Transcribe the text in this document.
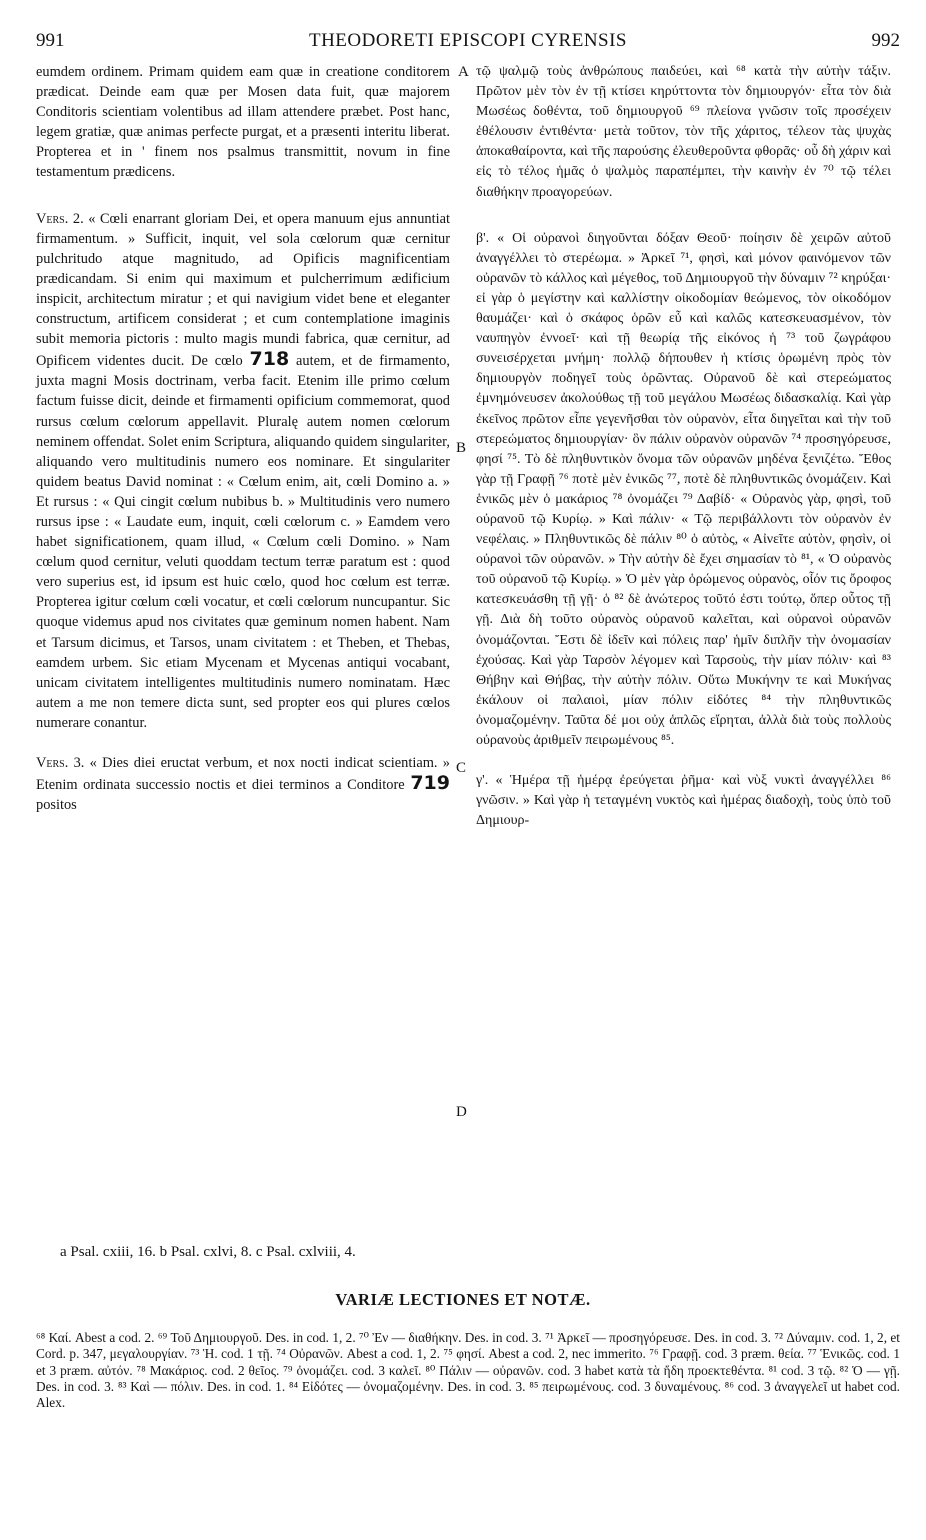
991	THEODORETI EPISCOPI CYRENSIS	992

eumdem ordinem. Primam quidem eam quæ in creatione conditorem prædicat. Deinde eam quæ per Mosen data fuit, quæ majorem Conditoris scientiam volentibus ad illam attendere præbet. Post hanc, legem gratiæ, quæ animas perfecte purgat, et a præsenti interitu liberat. Propterea et in ' finem nos psalmus transmittit, novum in fine testamentum prædicens.

Vers. 2. « Cœli enarrant gloriam Dei, et opera manuum ejus annuntiat firmamentum. » Sufficit, inquit, vel sola cœlorum quæ cernitur pulchritudo atque magnitudo, ad Opificis magnificentiam prædicandam. Si enim qui maximum et pulcherrimum ædificium inspicit, architectum miratur ; et qui navigium videt bene et eleganter constructum, artificem considerat ; et cum contemplatione imaginis subit memoria pictoris : multo magis mundi fabrica, quæ cernitur, ad Opificem videntes ducit. De cœlo 718 autem, et de firmamento, juxta magni Mosis doctrinam, verba facit. Etenim ille primo cœlum factum fuisse dicit, deinde et firmamenti opificium commemorat, quod rursus cœlum cœlorum appellavit. Pluralę autem nomen cœlorum neminem offendat. Solet enim Scriptura, aliquando quidem singulariter, aliquando vero multitudinis numero eos nominare. Et singulariter quidem beatus David nominat : « Cœlum enim, ait, cœli Domino a. » Et rursus : « Qui cingit cœlum nubibus b. » Multitudinis vero numero rursus ipse : « Laudate eum, inquit, cœli cœlorum c. » Eamdem vero habet significationem, quam illud, « Cœlum cœli Domino. » Nam cœlum quod cernitur, veluti quoddam tectum terræ paratum est : quod vero superius est, id ipsum est huic cœlo, quod hoc cœlum est terræ. Propterea igitur cœlum cœli vocatur, et cœli cœlorum nuncupantur. Sic quoque videmus apud nos civitates quæ geminum nomen habent. Nam et Tarsum dicimus, et Tarsos, unam civitatem : et Theben, et Thebas, eamdem urbem. Sic etiam Mycenam et Mycenas antiqui vocabant, unicam civitatem intelligentes multitudinis numero nominatam. Hæc autem a me non temere dicta sunt, sed propter eos qui plures cœlos numerare conantur.

Vers. 3. « Dies diei eructat verbum, et nox nocti indicat scientiam. » Etenim ordinata successio noctis et diei terminos a Conditore 719 positos

A
B
C
D

τῷ ψαλμῷ τοὺς ἀνθρώπους παιδεύει, καὶ ⁶⁸ κατὰ τὴν αὐτὴν τάξιν. Πρῶτον μὲν τὸν ἐν τῇ κτίσει κηρύττοντα τὸν δημιουργόν· εἶτα τὸν διὰ Μωσέως δοθέντα, τοῦ δημιουργοῦ ⁶⁹ πλείονα γνῶσιν τοῖς προσέχειν ἐθέλουσιν ἐντιθέντα· μετὰ τοῦτον, τὸν τῆς χάριτος, τέλεον τὰς ψυχὰς ἀποκαθαίροντα, καὶ τῆς παρούσης ἐλευθεροῦντα φθορᾶς· οὗ δὴ χάριν καὶ εἰς τὸ τέλος ἡμᾶς ὁ ψαλμὸς παραπέμπει, τὴν καινὴν ἐν ⁷⁰ τῷ τέλει διαθήκην προαγορεύων.

β'. « Οἱ οὐρανοὶ διηγοῦνται δόξαν Θεοῦ· ποίησιν δὲ χειρῶν αὐτοῦ ἀναγγέλλει τὸ στερέωμα. » Ἀρκεῖ ⁷¹, φησὶ, καὶ μόνον φαινόμενον τῶν οὐρανῶν τὸ κάλλος καὶ μέγεθος, τοῦ Δημιουργοῦ τὴν δύναμιν ⁷² κηρύξαι· εἰ γὰρ ὁ μεγίστην καὶ καλλίστην οἰκοδομίαν θεώμενος, τὸν οἰκοδόμον θαυμάζει· καὶ ὁ σκάφος ὁρῶν εὖ καὶ καλῶς κατεσκευασμένον, τὸν ναυπηγὸν ἐννοεῖ· καὶ τῇ θεωρίᾳ τῆς εἰκόνος ἡ ⁷³ τοῦ ζωγράφου συνεισέρχεται μνήμη· πολλῷ δήπουθεν ἡ κτίσις ὁρωμένη πρὸς τὸν δημιουργὸν ποδηγεῖ τοὺς ὁρῶντας. Οὐρανοῦ δὲ καὶ στερεώματος ἐμνημόνευσεν ἀκολούθως τῇ τοῦ μεγάλου Μωσέως διδασκαλίᾳ. Καὶ γὰρ ἐκεῖνος πρῶτον εἶπε γεγενῆσθαι τὸν οὐρανὸν, εἶτα διηγεῖται καὶ τὴν τοῦ στερεώματος δημιουργίαν· ὃν πάλιν οὐρανὸν οὐρανῶν ⁷⁴ προσηγόρευσε, φησί ⁷⁵. Τὸ δὲ πληθυντικὸν ὄνομα τῶν οὐρανῶν μηδένα ξενιζέτω. Ἔθος γὰρ τῇ Γραφῇ ⁷⁶ ποτὲ μὲν ἑνικῶς ⁷⁷, ποτὲ δὲ πληθυντικῶς ὀνομάζειν. Καὶ ἑνικῶς μὲν ὁ μακάριος ⁷⁸ ὀνομάζει ⁷⁹ Δαβίδ· « Οὐρανὸς γὰρ, φησὶ, τοῦ οὐρανοῦ τῷ Κυρίῳ. » Καὶ πάλιν· « Τῷ περιβάλλοντι τὸν οὐρανὸν ἐν νεφέλαις. » Πληθυντικῶς δὲ πάλιν ⁸⁰ ὁ αὐτὸς, « Αἰνεῖτε αὐτὸν, φησὶν, οἱ οὐρανοὶ τῶν οὐρανῶν. » Τὴν αὐτὴν δὲ ἔχει σημασίαν τὸ ⁸¹, « Ὁ οὐρανὸς τοῦ οὐρανοῦ τῷ Κυρίῳ. » Ὁ μὲν γὰρ ὁρώμενος οὐρανὸς, οἷόν τις ὄροφος κατεσκευάσθη τῇ γῇ· ὁ ⁸² δὲ ἀνώτερος τοῦτό ἐστι τούτῳ, ὅπερ οὗτος τῇ γῇ. Διὰ δὴ τοῦτο οὐρανὸς οὐρανοῦ καλεῖται, καὶ οὐρανοὶ οὐρανῶν ὀνομάζονται. Ἔστι δὲ ἰδεῖν καὶ πόλεις παρ' ἡμῖν διπλῆν τὴν ὀνομασίαν ἐχούσας. Καὶ γὰρ Ταρσὸν λέγομεν καὶ Ταρσοὺς, τὴν μίαν πόλιν· καὶ ⁸³ Θήβην καὶ Θήβας, τὴν αὐτὴν πόλιν. Οὕτω Μυκήνην τε καὶ Μυκήνας ἐκάλουν οἱ παλαιοὶ, μίαν πόλιν εἰδότες ⁸⁴ τὴν πληθυντικῶς ὀνομαζομένην. Ταῦτα δέ μοι οὐχ ἁπλῶς εἴρηται, ἀλλὰ διὰ τοὺς πολλοὺς οὐρανοὺς ἀριθμεῖν πειρωμένους ⁸⁵.

γ'. « Ἡμέρα τῇ ἡμέρᾳ ἐρεύγεται ῥῆμα· καὶ νὺξ νυκτὶ ἀναγγέλλει ⁸⁶ γνῶσιν. » Καὶ γὰρ ἡ τεταγμένη νυκτὸς καὶ ἡμέρας διαδοχὴ, τοὺς ὑπὸ τοῦ Δημιουρ-

a Psal. cxiii, 16. b Psal. cxlvi, 8. c Psal. cxlviii, 4.
VARIÆ LECTIONES ET NOTÆ.
⁶⁸ Καί. Abest a cod. 2. ⁶⁹ Τοῦ Δημιουργοῦ. Des. in cod. 1, 2. ⁷⁰ Ἐν — διαθήκην. Des. in cod. 3. ⁷¹ Ἀρκεῖ — προσηγόρευσε. Des. in cod. 3. ⁷² Δύναμιν. cod. 1, 2, et Cord. p. 347, μεγαλουργίαν. ⁷³ Ἡ. cod. 1 τῇ. ⁷⁴ Οὐρανῶν. Abest a cod. 1, 2. ⁷⁵ φησί. Abest a cod. 2, nec immerito. ⁷⁶ Γραφῇ. cod. 3 præm. θεία. ⁷⁷ Ἑνικῶς. cod. 1 et 3 præm. αὐτόν. ⁷⁸ Μακάριος. cod. 2 θεῖος. ⁷⁹ ὀνομάζει. cod. 3 καλεῖ. ⁸⁰ Πάλιν — οὐρανῶν. cod. 3 habet κατὰ τὰ ἤδη προεκτεθέντα. ⁸¹ cod. 3 τῷ. ⁸² Ὁ — γῇ. Des. in cod. 3. ⁸³ Καὶ — πόλιν. Des. in cod. 1. ⁸⁴ Εἰδότες — ὀνομαζομένην. Des. in cod. 3. ⁸⁵ πειρωμένους. cod. 3 δυναμένους. ⁸⁶ cod. 3 ἀναγγελεῖ ut habet cod. Alex.
